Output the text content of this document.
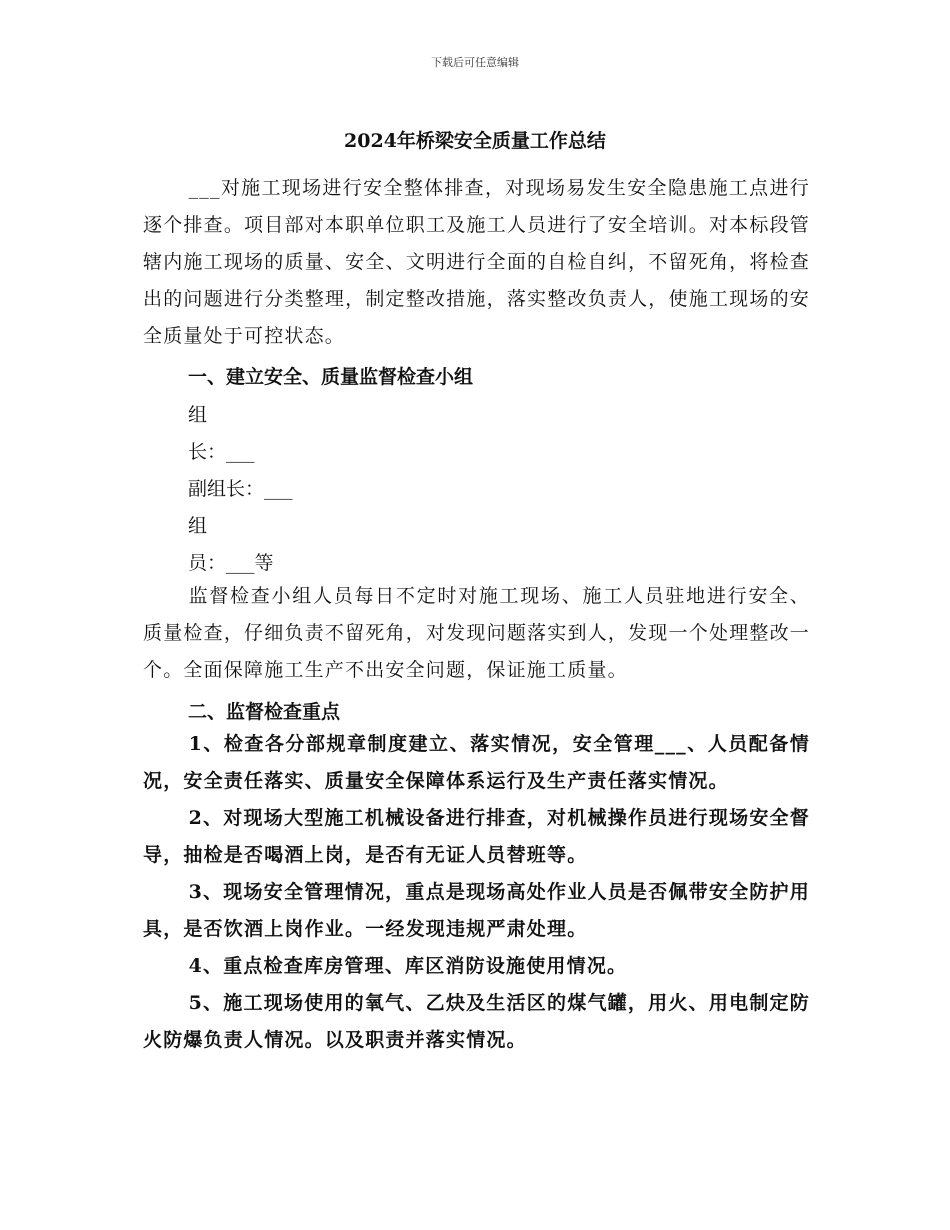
下载后可任意编辑
2024年桥梁安全质量工作总结

___对施工现场进行安全整体排查，对现场易发生安全隐患施工点进行逐个排查。项目部对本职单位职工及施工人员进行了安全培训。对本标段管辖内施工现场的质量、安全、文明进行全面的自检自纠，不留死角，将检查出的问题进行分类整理，制定整改措施，落实整改负责人，使施工现场的安全质量处于可控状态。

一、建立安全、质量监督检查小组
组
长：___
副组长：___
组
员：___等

监督检查小组人员每日不定时对施工现场、施工人员驻地进行安全、质量检查，仔细负责不留死角，对发现问题落实到人，发现一个处理整改一个。全面保障施工生产不出安全问题，保证施工质量。

二、监督检查重点

1、检查各分部规章制度建立、落实情况，安全管理___、人员配备情况，安全责任落实、质量安全保障体系运行及生产责任落实情况。

2、对现场大型施工机械设备进行排查，对机械操作员进行现场安全督导，抽检是否喝酒上岗，是否有无证人员替班等。

3、现场安全管理情况，重点是现场高处作业人员是否佩带安全防护用具，是否饮酒上岗作业。一经发现违规严肃处理。

4、重点检查库房管理、库区消防设施使用情况。

5、施工现场使用的氧气、乙炔及生活区的煤气罐，用火、用电制定防火防爆负责人情况。以及职责并落实情况。
